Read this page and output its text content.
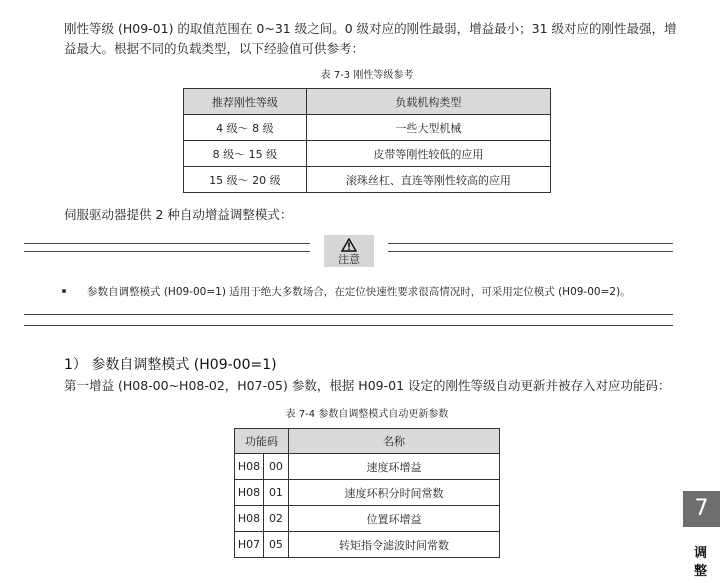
刚性等级 (H09-01) 的取值范围在 0~31 级之间。0 级对应的刚性最弱，增益最小；31 级对应的刚性最强，增
益最大。根据不同的负载类型，以下经验值可供参考：
表 7-3 刚性等级参考
推荐刚性等级	负载机构类型
4 级～ 8 级	一些大型机械
8 级～ 15 级	皮带等刚性较低的应用
15 级～ 20 级	滚珠丝杠、直连等刚性较高的应用
伺服驱动器提供 2 种自动增益调整模式：
注意
参数自调整模式 (H09-00=1) 适用于绝大多数场合，在定位快速性要求很高情况时，可采用定位模式 (H09-00=2)。
1） 参数自调整模式 (H09-00=1)
第一增益 (H08-00~H08-02，H07-05) 参数，根据 H09-01 设定的刚性等级自动更新并被存入对应功能码：
表 7-4 参数自调整模式自动更新参数
功能码		名称
H08	00	速度环增益
H08	01	速度环积分时间常数
H08	02	位置环增益
H07	05	转矩指令滤波时间常数
7
调
整
